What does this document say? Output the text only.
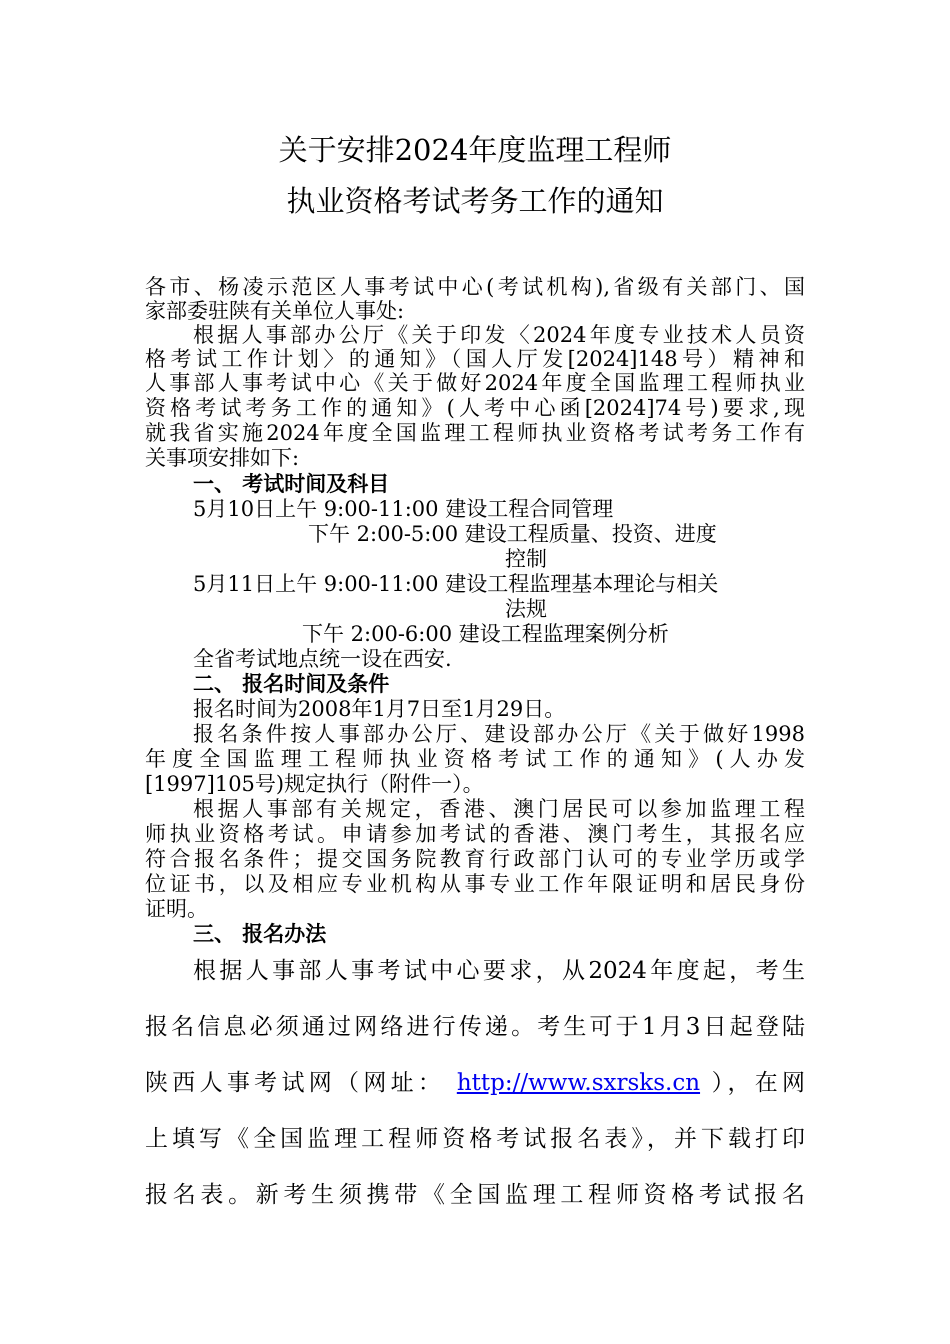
关于安排2024年度监理工程师
执业资格考试考务工作的通知
各市、杨凌示范区人事考试中心(考试机构),省级有关部门、国
家部委驻陕有关单位人事处:
根据人事部办公厅《关于印发〈2024年度专业技术人员资
格考试工作计划〉的通知》（国人厅发[2024]148号）精神和
人事部人事考试中心《关于做好2024年度全国监理工程师执业
资格考试考务工作的通知》(人考中心函[2024]74号)要求,现
就我省实施2024年度全国监理工程师执业资格考试考务工作有
关事项安排如下:
一、 考试时间及科目
5月10日上午 9:00-11:00 建设工程合同管理
下午 2:00-5:00 建设工程质量、投资、进度
控制
5月11日上午 9:00-11:00 建设工程监理基本理论与相关
法规
下午 2:00-6:00 建设工程监理案例分析
全省考试地点统一设在西安.
二、 报名时间及条件
报名时间为2008年1月7日至1月29日。
报名条件按人事部办公厅、建设部办公厅《关于做好1998
年度全国监理工程师执业资格考试工作的通知》(人办发
[1997]105号)规定执行（附件一）。
根据人事部有关规定，香港、澳门居民可以参加监理工程
师执业资格考试。申请参加考试的香港、澳门考生，其报名应
符合报名条件；提交国务院教育行政部门认可的专业学历或学
位证书，以及相应专业机构从事专业工作年限证明和居民身份
证明。
三、 报名办法
根据人事部人事考试中心要求，从2024年度起，考生
报名信息必须通过网络进行传递。考生可于1月3日起登陆
陕西人事考试网（网址： http://www.sxrsks.cn ），在网
上填写《全国监理工程师资格考试报名表》，并下载打印
报名表。新考生须携带《全国监理工程师资格考试报名
